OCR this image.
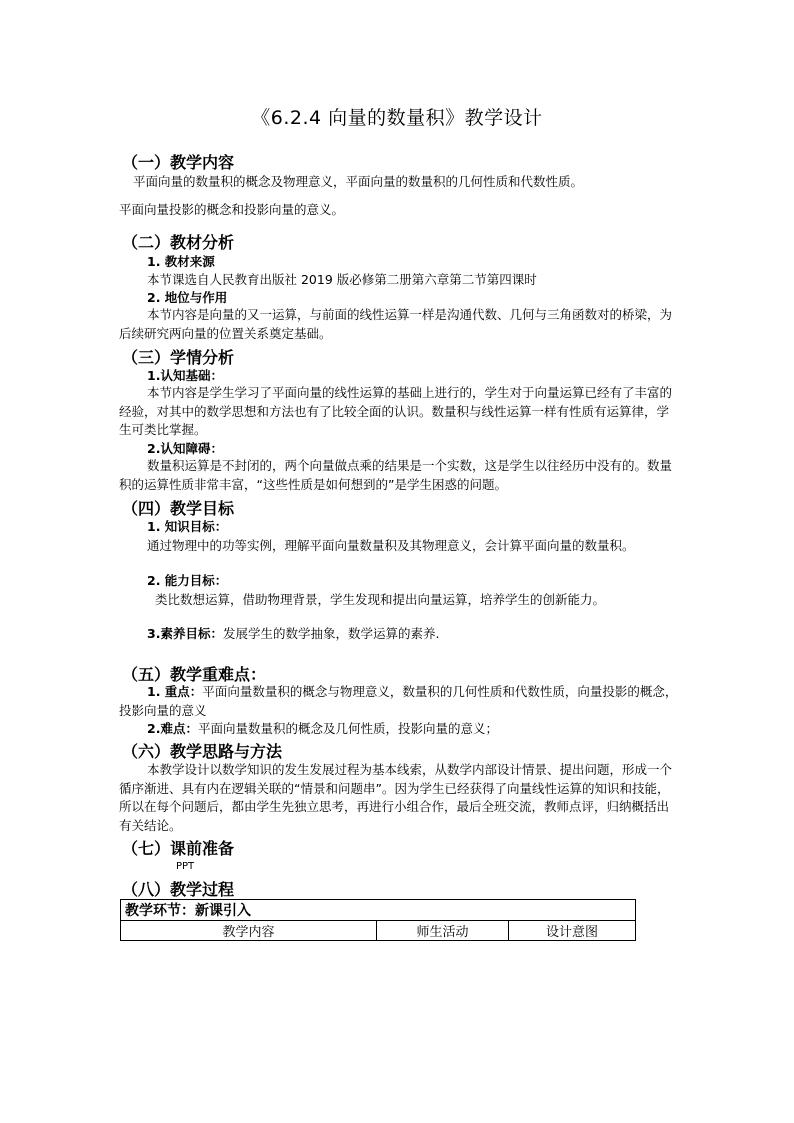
《6.2.4 向量的数量积》教学设计
（一）教学内容
平面向量的数量积的概念及物理意义，平面向量的数量积的几何性质和代数性质。
平面向量投影的概念和投影向量的意义。
（二）教材分析
1. 教材来源
本节课选自人民教育出版社 2019 版必修第二册第六章第二节第四课时
2. 地位与作用
本节内容是向量的又一运算，与前面的线性运算一样是沟通代数、几何与三角函数对的桥梁，为后续研究两向量的位置关系奠定基础。
（三）学情分析
1.认知基础：
本节内容是学生学习了平面向量的线性运算的基础上进行的，学生对于向量运算已经有了丰富的经验，对其中的数学思想和方法也有了比较全面的认识。数量积与线性运算一样有性质有运算律，学生可类比掌握。
2.认知障碍：
数量积运算是不封闭的，两个向量做点乘的结果是一个实数，这是学生以往经历中没有的。数量积的运算性质非常丰富，“这些性质是如何想到的”是学生困惑的问题。
（四）教学目标
1. 知识目标：
通过物理中的功等实例，理解平面向量数量积及其物理意义，会计算平面向量的数量积。
2. 能力目标：
类比数想运算，借助物理背景，学生发现和提出向量运算，培养学生的创新能力。
3.素养目标：发展学生的数学抽象，数学运算的素养.
（五）教学重难点：
1. 重点：平面向量数量积的概念与物理意义，数量积的几何性质和代数性质，向量投影的概念，投影向量的意义
2.难点：平面向量数量积的概念及几何性质，投影向量的意义；
（六）教学思路与方法
本教学设计以数学知识的发生发展过程为基本线索，从数学内部设计情景、提出问题，形成一个循序渐进、具有内在逻辑关联的“情景和问题串”。因为学生已经获得了向量线性运算的知识和技能，所以在每个问题后，都由学生先独立思考，再进行小组合作，最后全班交流，教师点评，归纳概括出有关结论。
（七）课前准备
PPT
（八）教学过程
教学环节：新课引入
教学内容	师生活动	设计意图
